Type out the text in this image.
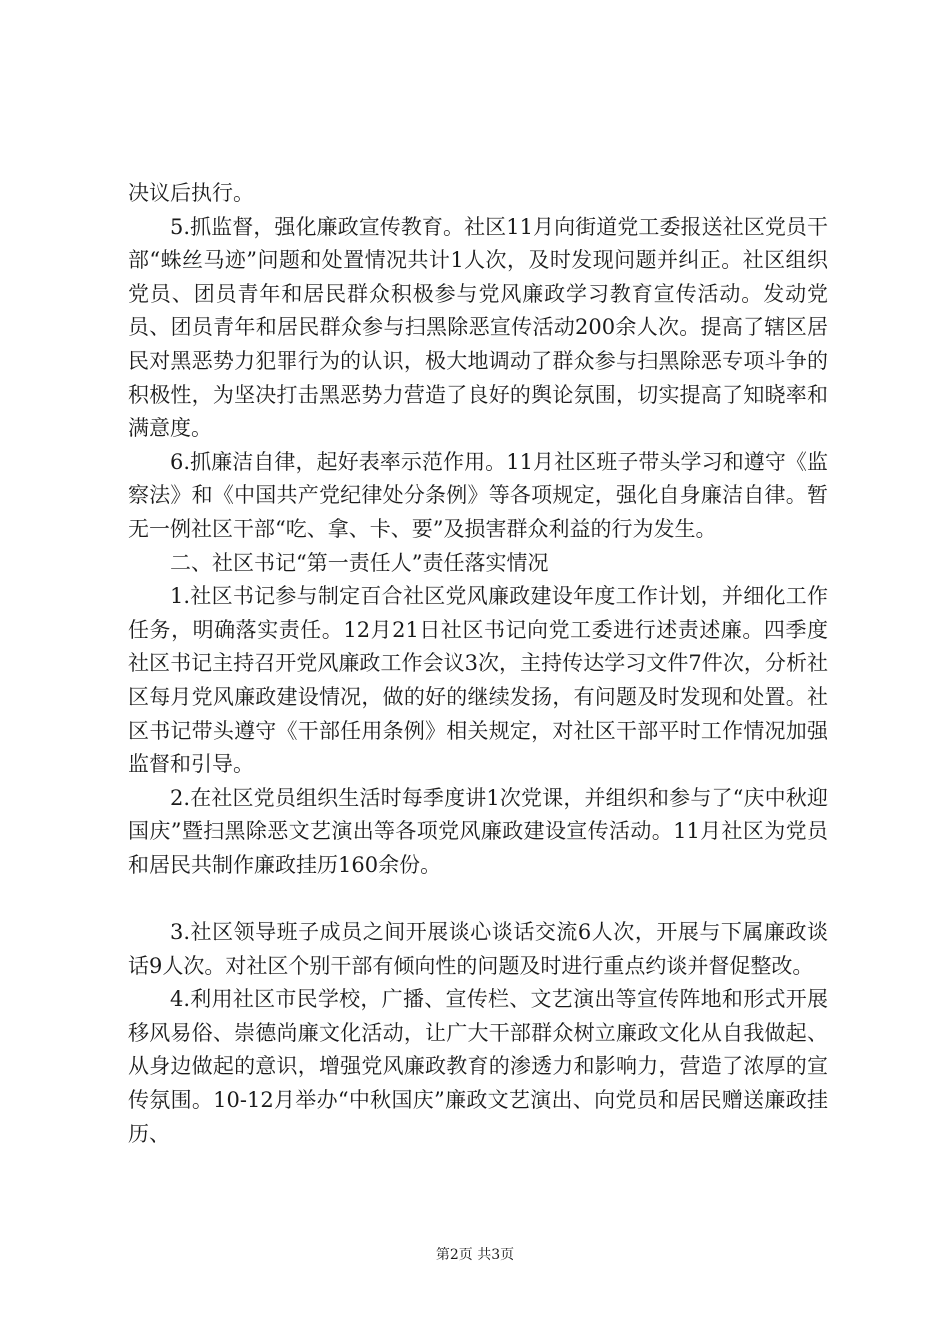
决议后执行。

5.抓监督，强化廉政宣传教育。社区11月向街道党工委报送社区党员干部“蛛丝马迹”问题和处置情况共计1人次，及时发现问题并纠正。社区组织党员、团员青年和居民群众积极参与党风廉政学习教育宣传活动。发动党员、团员青年和居民群众参与扫黑除恶宣传活动200余人次。提高了辖区居民对黑恶势力犯罪行为的认识，极大地调动了群众参与扫黑除恶专项斗争的积极性，为坚决打击黑恶势力营造了良好的舆论氛围，切实提高了知晓率和满意度。

6.抓廉洁自律，起好表率示范作用。11月社区班子带头学习和遵守《监察法》和《中国共产党纪律处分条例》等各项规定，强化自身廉洁自律。暂无一例社区干部“吃、拿、卡、要”及损害群众利益的行为发生。

二、社区书记“第一责任人”责任落实情况

1.社区书记参与制定百合社区党风廉政建设年度工作计划，并细化工作任务，明确落实责任。12月21日社区书记向党工委进行述责述廉。四季度社区书记主持召开党风廉政工作会议3次，主持传达学习文件7件次，分析社区每月党风廉政建设情况，做的好的继续发扬，有问题及时发现和处置。社区书记带头遵守《干部任用条例》相关规定，对社区干部平时工作情况加强监督和引导。

2.在社区党员组织生活时每季度讲1次党课，并组织和参与了“庆中秋迎国庆”暨扫黑除恶文艺演出等各项党风廉政建设宣传活动。11月社区为党员和居民共制作廉政挂历160余份。

3.社区领导班子成员之间开展谈心谈话交流6人次，开展与下属廉政谈话9人次。对社区个别干部有倾向性的问题及时进行重点约谈并督促整改。

4.利用社区市民学校，广播、宣传栏、文艺演出等宣传阵地和形式开展移风易俗、崇德尚廉文化活动，让广大干部群众树立廉政文化从自我做起、从身边做起的意识，增强党风廉政教育的渗透力和影响力，营造了浓厚的宣传氛围。10-12月举办“中秋国庆”廉政文艺演出、向党员和居民赠送廉政挂历、

第2页 共3页
